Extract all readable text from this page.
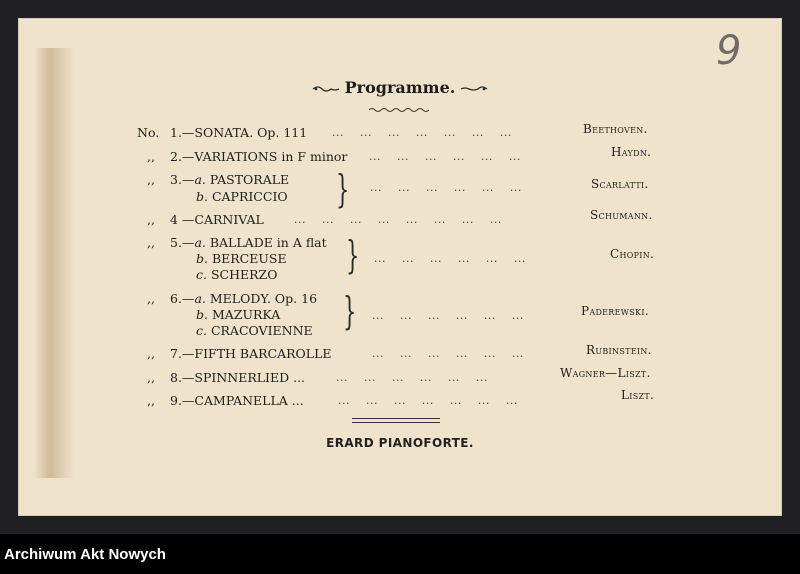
9
Programme.
No. 1.—SONATA. Op. 111 ...    ...    ...    ...    ...    ...    ...	Beethoven.
,, 2.—VARIATIONS in F minor ...    ...    ...    ...    ...    ...	Haydn.
,, 3.—a. PASTORALE
b. CAPRICCIO } ...    ...    ...    ...    ...    ...	Scarlatti.
,, 4 —CARNIVAL	...    ...    ...    ...    ...    ...    ...    ...	Schumann.
,, 5.—a. BALLADE in A flat
b. BERCEUSE
c. SCHERZO } ...    ...    ...    ...    ...    ...	Chopin.
,, 6.—a. MELODY. Op. 16
b. MAZURKA
c. CRACOVIENNE } ...    ...    ...    ...    ...    ...	Paderewski.
,, 7.—FIFTH BARCAROLLE	...    ...    ...    ...    ...    ...	Rubinstein.
,, 8.—SPINNERLIED ...	...    ...    ...    ...    ...    ...	Wagner—Liszt.
,, 9.—CAMPANELLA ...	...    ...    ...    ...    ...    ...    ...	Liszt.
ERARD PIANOFORTE.
Archiwum Akt Nowych
